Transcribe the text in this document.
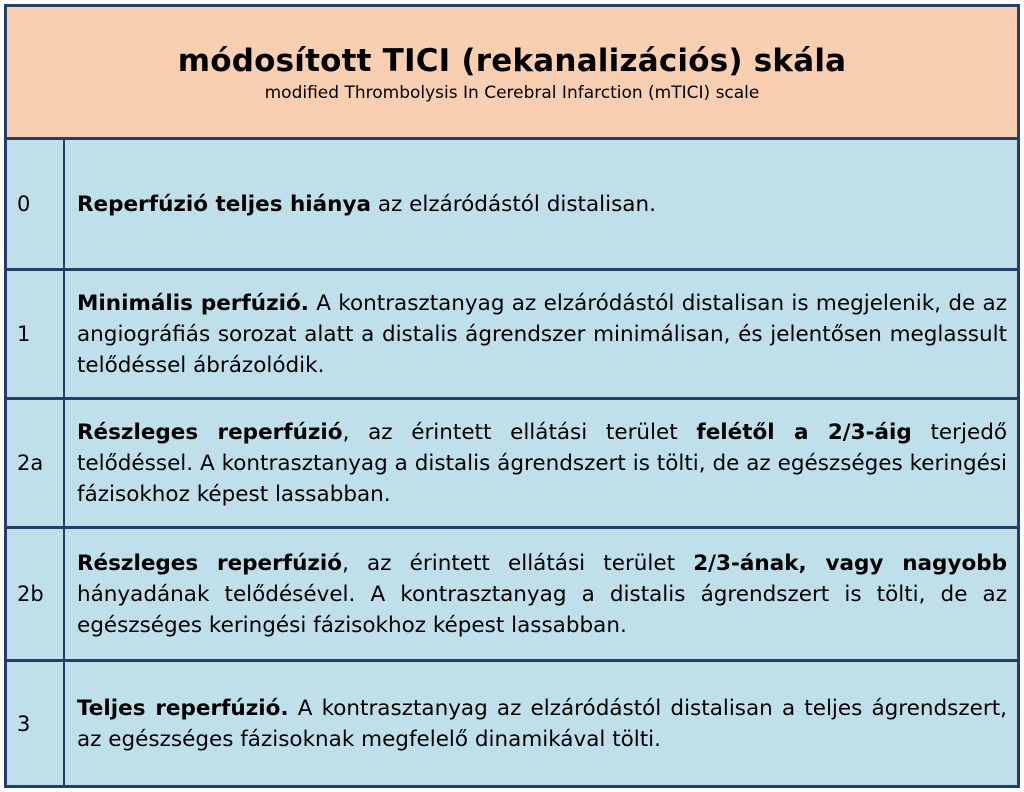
módosított TICI (rekanalizációs) skála
modified Thrombolysis In Cerebral Infarction (mTICI) scale
0	Reperfúzió teljes hiánya az elzáródástól distalisan.

1

Minimális perfúzió. A kontrasztanyag az elzáródástól distalisan is megjelenik, de az angiográfiás sorozat alatt a distalis ágrendszer minimálisan, és jelentősen meglassult telődéssel ábrázolódik.

2a

Részleges reperfúzió, az érintett ellátási terület felétől a 2/3-áig terjedő telődéssel. A kontrasztanyag a distalis ágrendszert is tölti, de az egészséges keringési fázisokhoz képest lassabban.

2b

Részleges reperfúzió, az érintett ellátási terület 2/3-ának, vagy nagyobb hányadának telődésével. A kontrasztanyag a distalis ágrendszert is tölti, de az egészséges keringési fázisokhoz képest lassabban.

3

Teljes reperfúzió. A kontrasztanyag az elzáródástól distalisan a teljes ágrendszert, az egészséges fázisoknak megfelelő dinamikával tölti.
